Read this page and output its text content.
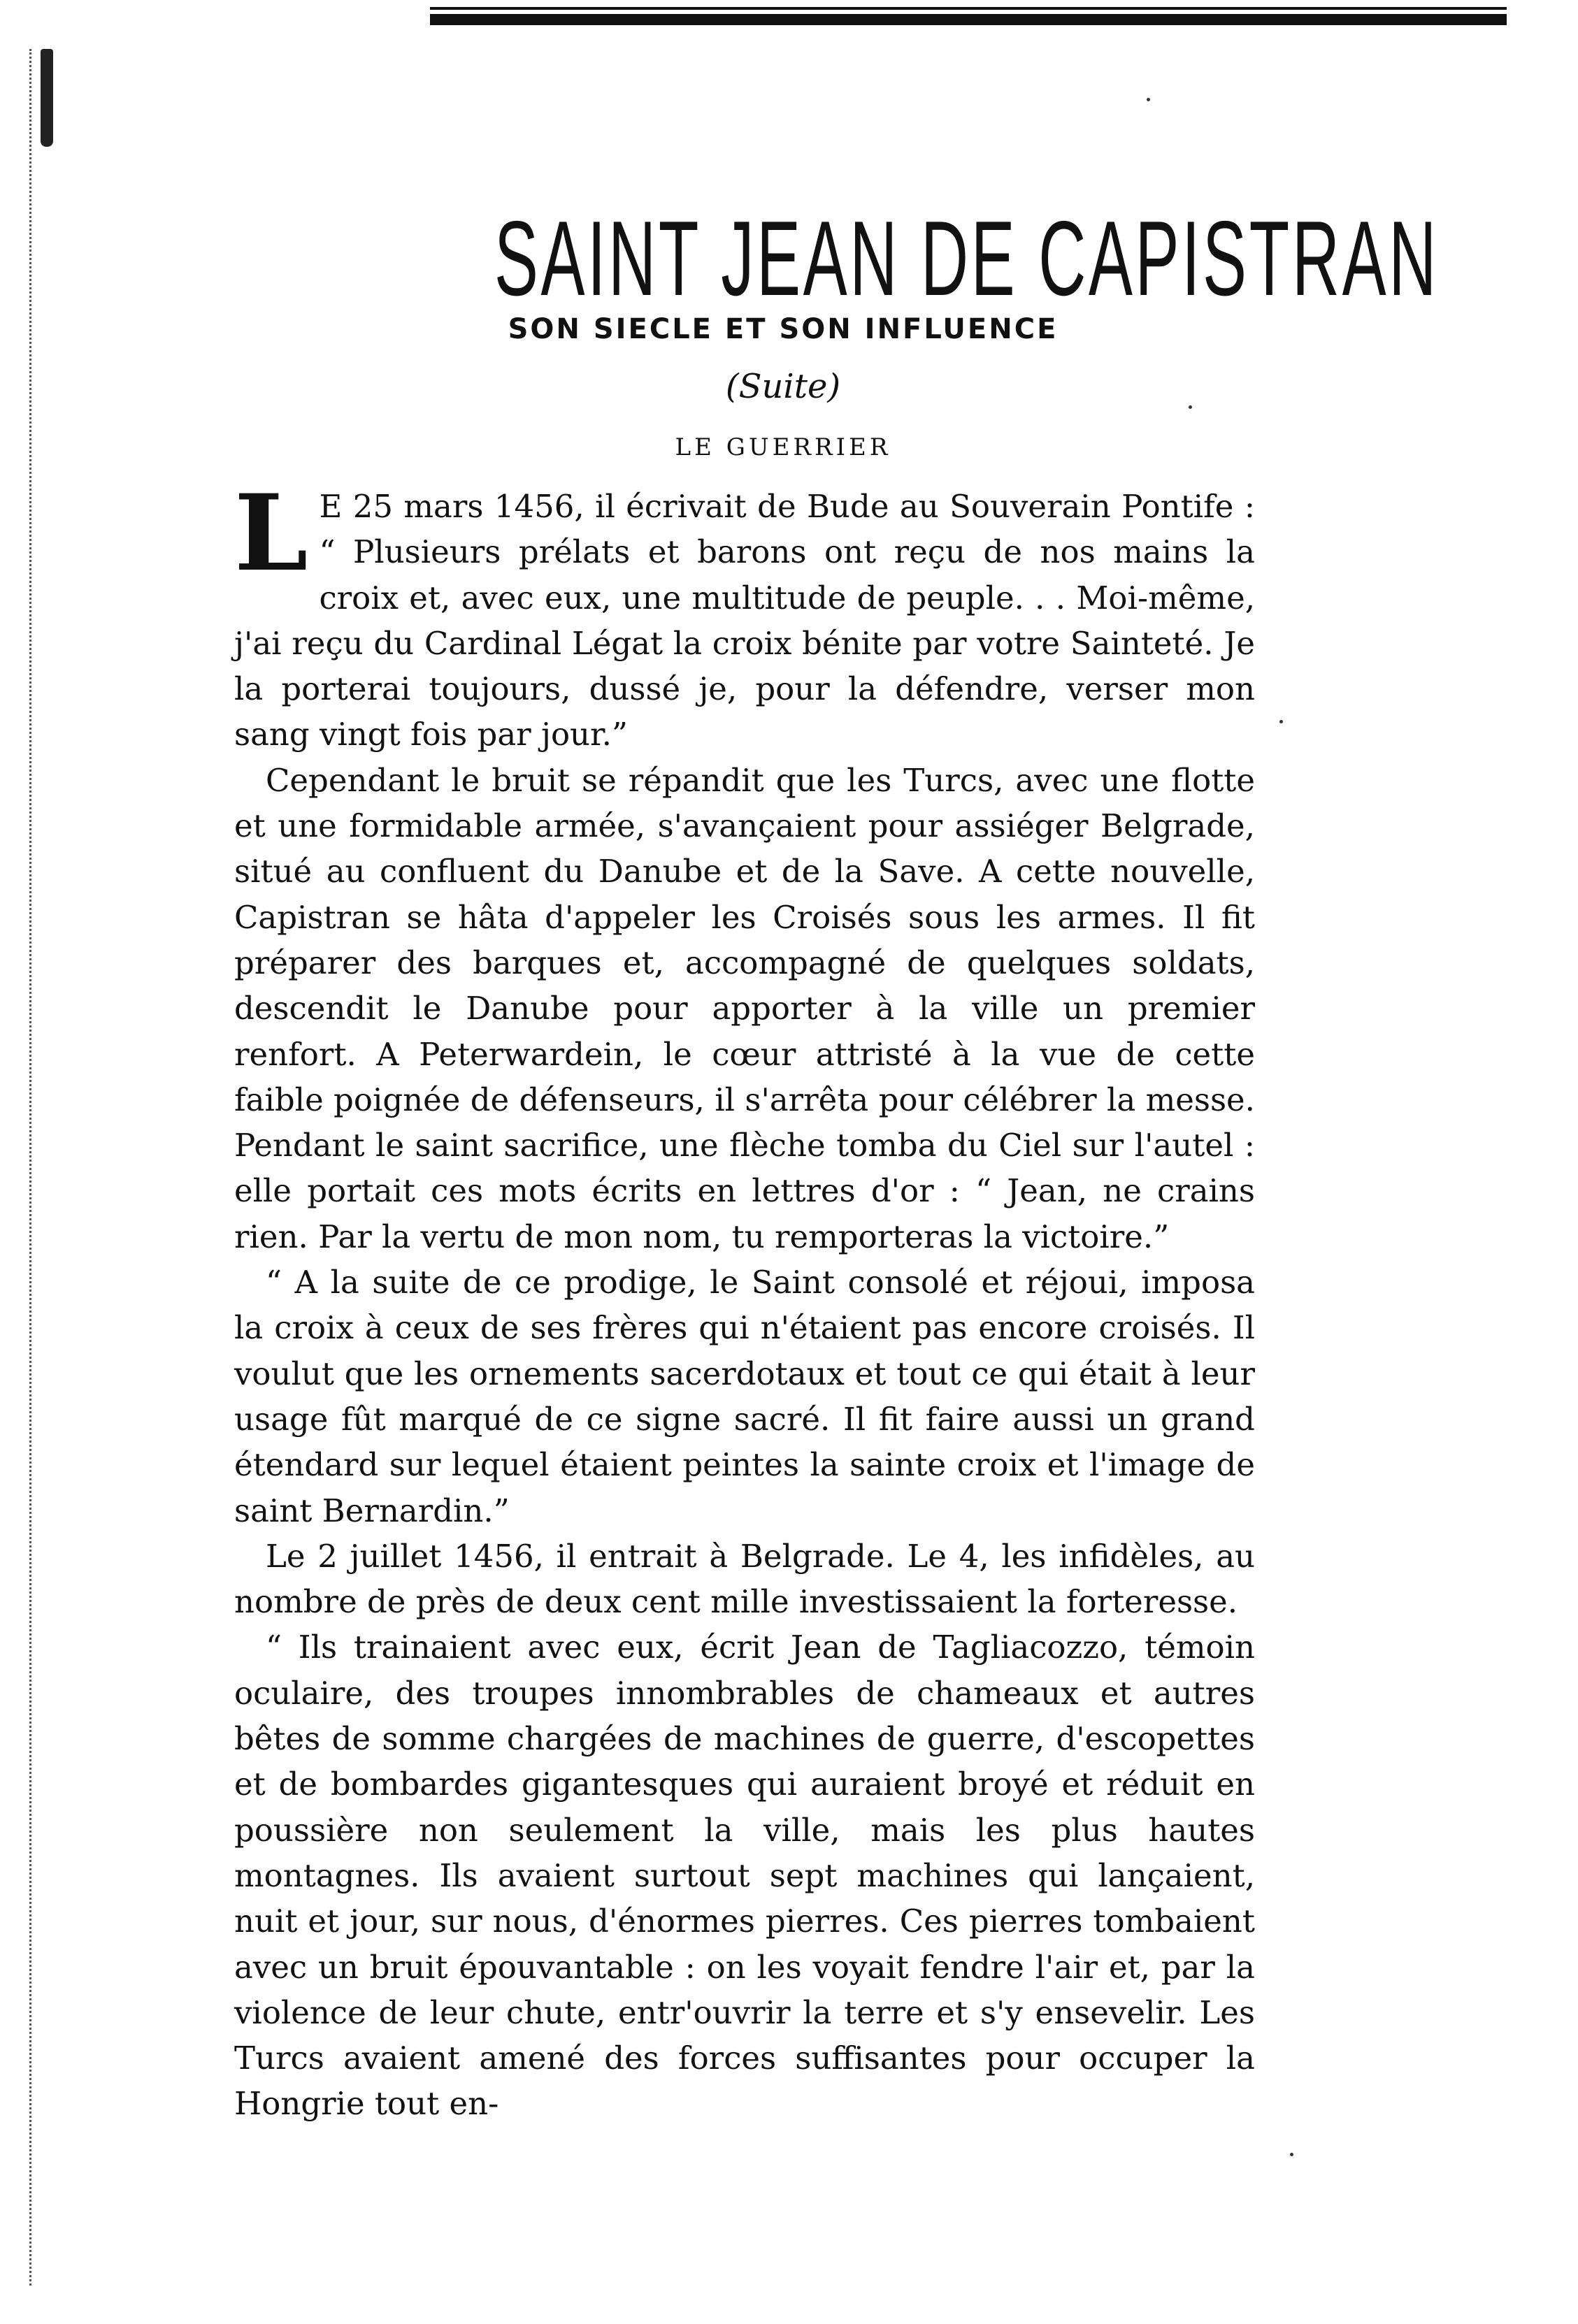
SAINT JEAN DE CAPISTRAN
SON SIECLE ET SON INFLUENCE
(Suite)
LE GUERRIER

L E 25 mars 1456, il écrivait de Bude au Souverain Pontife : “ Plusieurs prélats et barons ont reçu de nos mains la croix et, avec eux, une multitude de peuple. . . Moi-même, j'ai reçu du Cardinal Légat la croix bénite par votre Sainteté. Je la porterai toujours, dussé je, pour la défendre, verser mon sang vingt fois par jour.”

Cependant le bruit se répandit que les Turcs, avec une flotte et une formidable armée, s'avançaient pour assiéger Belgrade, situé au confluent du Danube et de la Save. A cette nouvelle, Capistran se hâta d'appeler les Croisés sous les armes. Il fit préparer des barques et, accompagné de quelques soldats, descendit le Danube pour apporter à la ville un premier renfort. A Peterwardein, le cœur attristé à la vue de cette faible poignée de défenseurs, il s'arrêta pour célébrer la messe. Pendant le saint sacrifice, une flèche tomba du Ciel sur l'autel : elle portait ces mots écrits en lettres d'or : “ Jean, ne crains rien. Par la vertu de mon nom, tu remporteras la victoire.”

“ A la suite de ce prodige, le Saint consolé et réjoui, imposa la croix à ceux de ses frères qui n'étaient pas encore croisés. Il voulut que les ornements sacerdotaux et tout ce qui était à leur usage fût marqué de ce signe sacré. Il fit faire aussi un grand étendard sur lequel étaient peintes la sainte croix et l'image de saint Bernardin.”

Le 2 juillet 1456, il entrait à Belgrade. Le 4, les infidèles, au nombre de près de deux cent mille investissaient la forteresse.

“ Ils trainaient avec eux, écrit Jean de Tagliacozzo, témoin oculaire, des troupes innombrables de chameaux et autres bêtes de somme chargées de machines de guerre, d'escopettes et de bombardes gigantesques qui auraient broyé et réduit en poussière non seulement la ville, mais les plus hautes montagnes. Ils avaient surtout sept machines qui lançaient, nuit et jour, sur nous, d'énormes pierres. Ces pierres tombaient avec un bruit épouvantable : on les voyait fendre l'air et, par la violence de leur chute, entr'ouvrir la terre et s'y ensevelir. Les Turcs avaient amené des forces suffisantes pour occuper la Hongrie tout en-
